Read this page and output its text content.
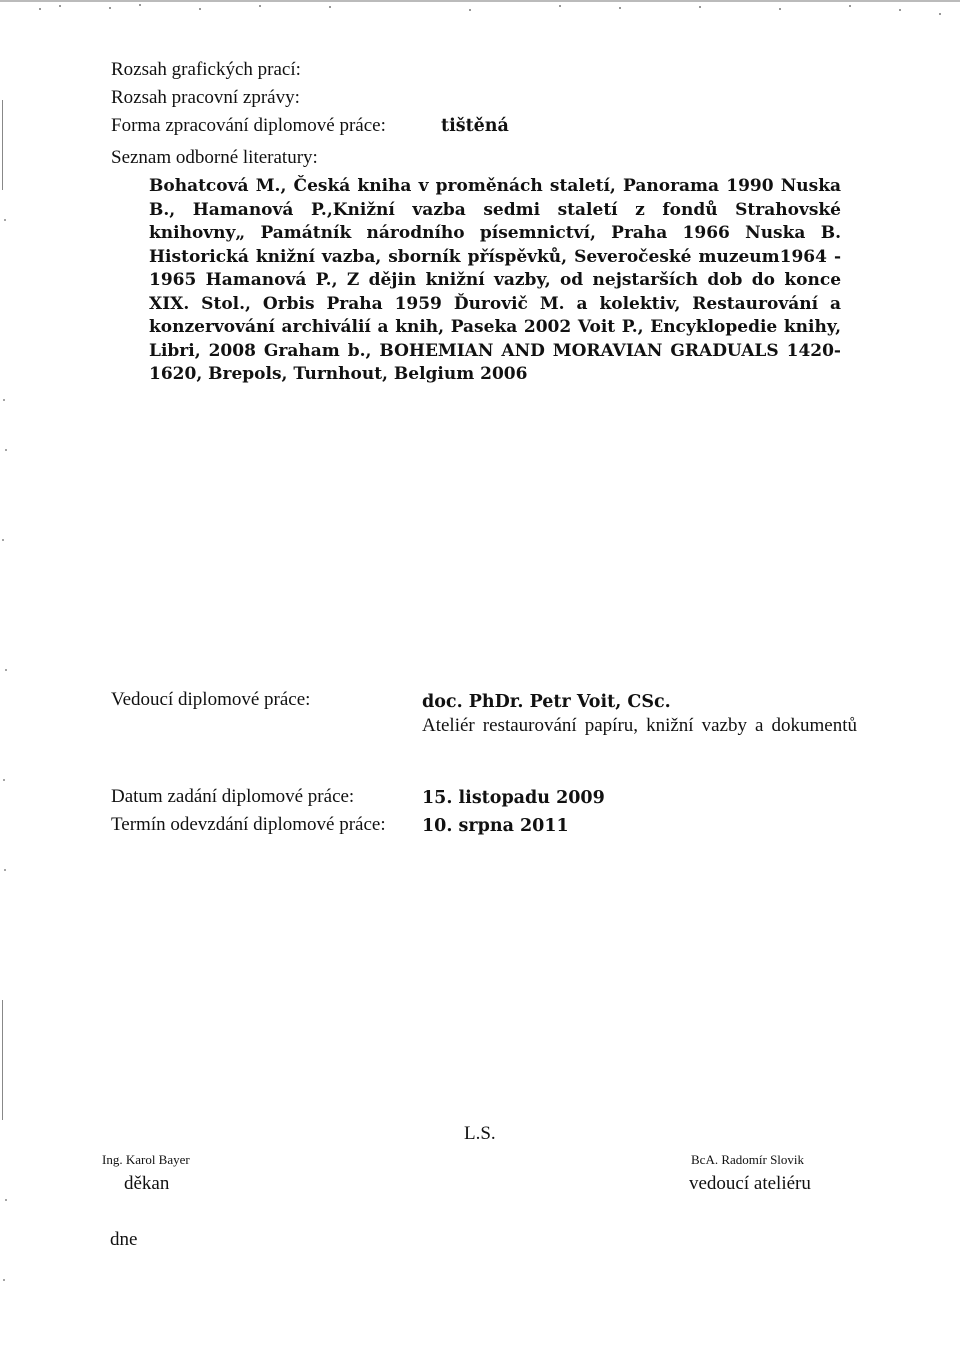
Rozsah grafických prací:
Rozsah pracovní zprávy:
Forma zpracování diplomové práce:	tištěná
Seznam odborné literatury:
Bohatcová M., Česká kniha v proměnách staletí, Panorama 1990 Nuska B., Hamanová P.,Knižní vazba sedmi staletí z fondů Strahovské knihovny„ Památník národního písemnictví, Praha 1966 Nuska B. Historická knižní vazba, sborník příspěvků, Severočeské muzeum1964 - 1965 Hamanová P., Z dějin knižní vazby, od nejstarších dob do konce XIX. Stol., Orbis Praha 1959 Ďurovič M. a kolektiv, Restaurování a konzervování archiválií a knih, Paseka 2002 Voit P., Encyklopedie knihy, Libri, 2008 Graham b., BOHEMIAN AND MORAVIAN GRADUALS 1420-1620, Brepols, Turnhout, Belgium 2006
Vedoucí diplomové práce:	doc. PhDr. Petr Voit, CSc.
Ateliér restaurování papíru, knižní vazby a dokumentů
Datum zadání diplomové práce:	15. listopadu 2009
Termín odevzdání diplomové práce: 10. srpna 2011
L.S.
Ing. Karol Bayer
děkan
BcA. Radomír Slovik
vedoucí ateliéru
dne
